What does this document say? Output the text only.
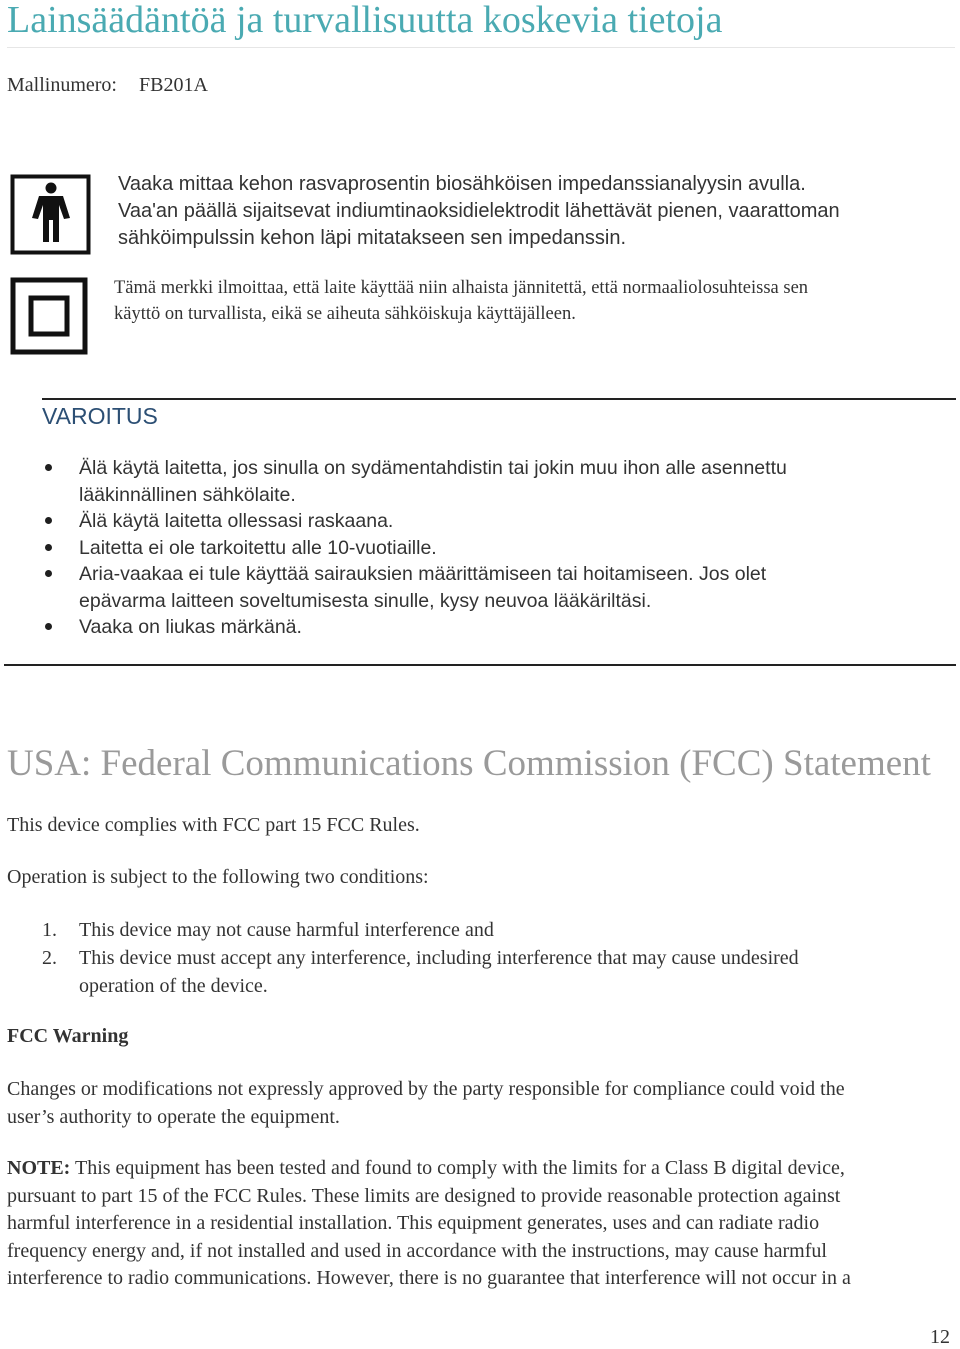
Lainsäädäntöä ja turvallisuutta koskevia tietoja
Mallinumero: FB201A
Vaaka mittaa kehon rasvaprosentin biosähköisen impedanssianalyysin avulla.
Vaa'an päällä sijaitsevat indiumtinaoksidielektrodit lähettävät pienen, vaarattoman
sähköimpulssin kehon läpi mitatakseen sen impedanssin.
Tämä merkki ilmoittaa, että laite käyttää niin alhaista jännitettä, että normaaliolosuhteissa sen
käyttö on turvallista, eikä se aiheuta sähköiskuja käyttäjälleen.
VAROITUS
Älä käytä laitetta, jos sinulla on sydämentahdistin tai jokin muu ihon alle asennettu
lääkinnällinen sähkölaite.
Älä käytä laitetta ollessasi raskaana.
Laitetta ei ole tarkoitettu alle 10-vuotiaille.
Aria-vaakaa ei tule käyttää sairauksien määrittämiseen tai hoitamiseen. Jos olet
epävarma laitteen soveltumisesta sinulle, kysy neuvoa lääkäriltäsi.
Vaaka on liukas märkänä.
USA: Federal Communications Commission (FCC) Statement
This device complies with FCC part 15 FCC Rules.
Operation is subject to the following two conditions:
1. This device may not cause harmful interference and
2. This device must accept any interference, including interference that may cause undesired
operation of the device.
FCC Warning
Changes or modifications not expressly approved by the party responsible for compliance could void the
user’s authority to operate the equipment.
NOTE: This equipment has been tested and found to comply with the limits for a Class B digital device,
pursuant to part 15 of the FCC Rules. These limits are designed to provide reasonable protection against
harmful interference in a residential installation. This equipment generates, uses and can radiate radio
frequency energy and, if not installed and used in accordance with the instructions, may cause harmful
interference to radio communications. However, there is no guarantee that interference will not occur in a
12
